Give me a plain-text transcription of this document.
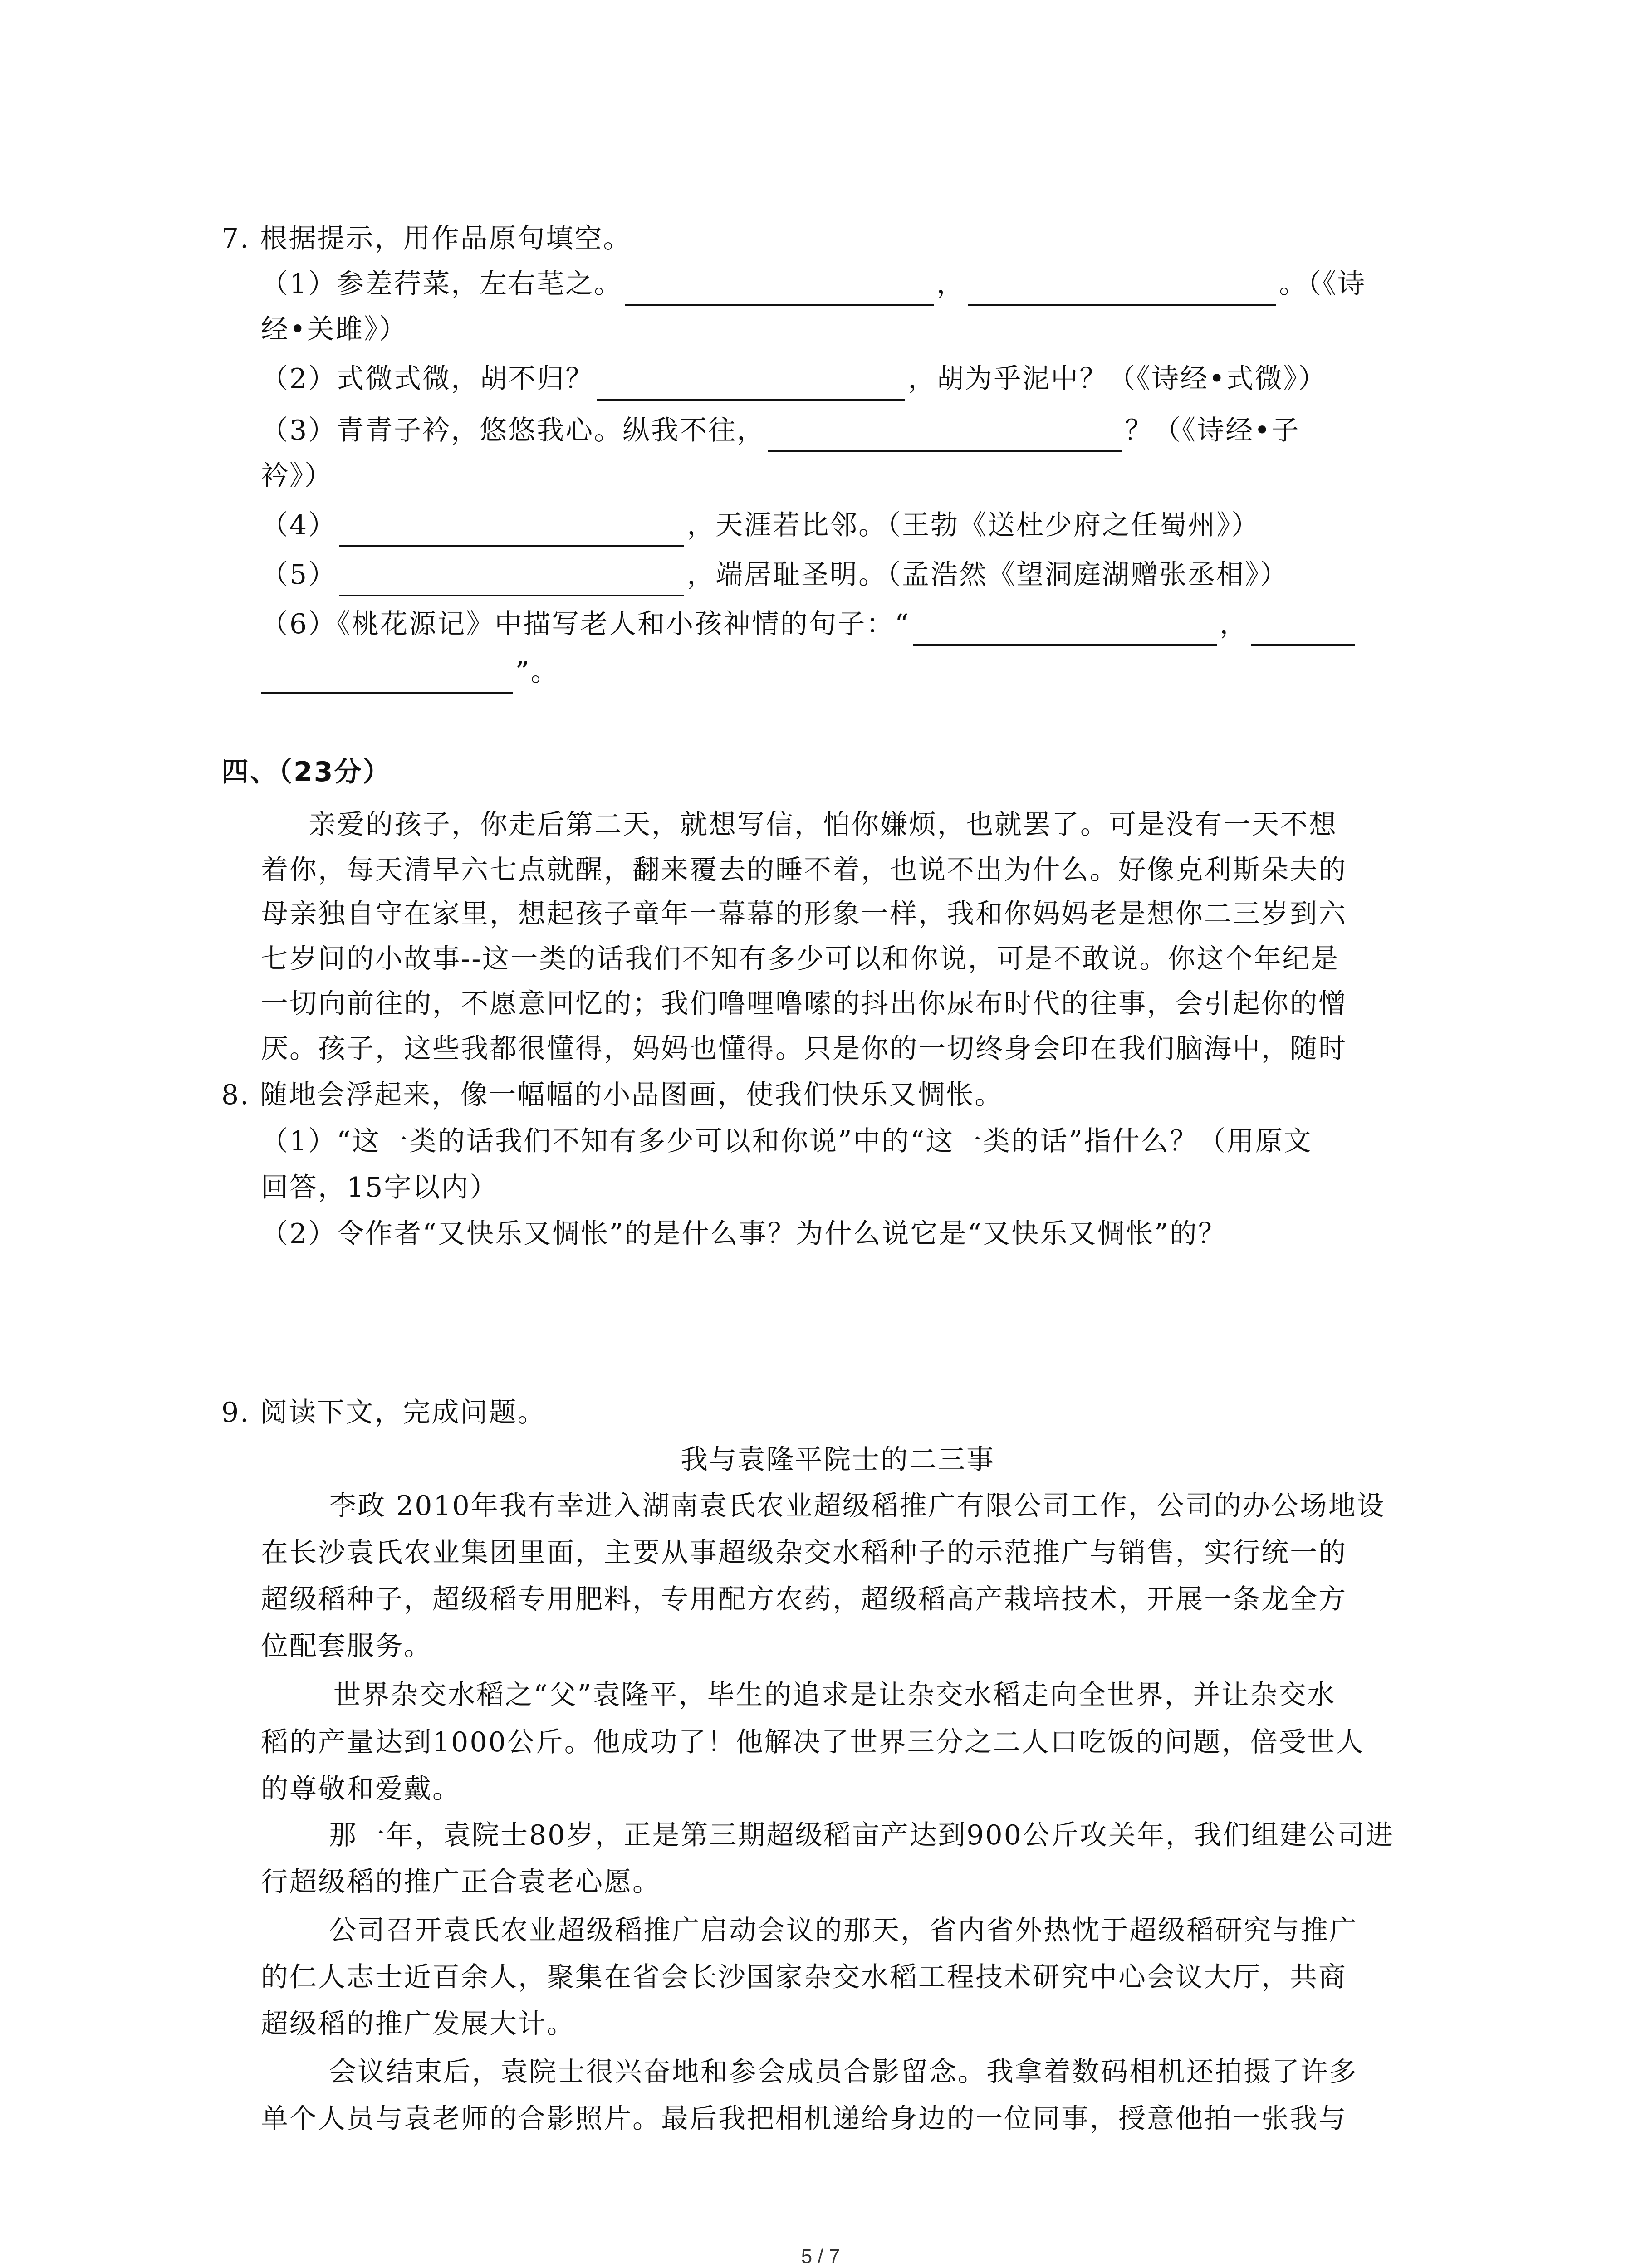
7. 根据提示，用作品原句填空。
（1）参差荇菜，左右芼之。	，	。（《诗
经•关雎》）
（2）式微式微，胡不归？	，胡为乎泥中？（《诗经•式微》）
（3）青青子衿，悠悠我心。纵我不往，	？（《诗经•子
衿》）
（4）	，天涯若比邻。（王勃《送杜少府之任蜀州》）
（5）	，端居耻圣明。（孟浩然《望洞庭湖赠张丞相》）
（6）《桃花源记》中描写老人和小孩神情的句子：“	，
”。
四、（23分）
亲爱的孩子，你走后第二天，就想写信，怕你嫌烦，也就罢了。可是没有一天不想
着你，每天清早六七点就醒，翻来覆去的睡不着，也说不出为什么。好像克利斯朵夫的
母亲独自守在家里，想起孩子童年一幕幕的形象一样，我和你妈妈老是想你二三岁到六
七岁间的小故事--这一类的话我们不知有多少可以和你说，可是不敢说。你这个年纪是
一切向前往的，不愿意回忆的；我们噜哩噜嗦的抖出你尿布时代的往事，会引起你的憎
厌。孩子，这些我都很懂得，妈妈也懂得。只是你的一切终身会印在我们脑海中，随时
8. 随地会浮起来，像一幅幅的小品图画，使我们快乐又惆怅。
（1）“这一类的话我们不知有多少可以和你说”中的“这一类的话”指什么？（用原文
回答，15字以内）
（2）令作者“又快乐又惆怅”的是什么事？为什么说它是“又快乐又惆怅”的？
9. 阅读下文，完成问题。
我与袁隆平院士的二三事
李政 2010年我有幸进入湖南袁氏农业超级稻推广有限公司工作，公司的办公场地设
在长沙袁氏农业集团里面，主要从事超级杂交水稻种子的示范推广与销售，实行统一的
超级稻种子，超级稻专用肥料，专用配方农药，超级稻高产栽培技术，开展一条龙全方
位配套服务。
世界杂交水稻之“父”袁隆平，毕生的追求是让杂交水稻走向全世界，并让杂交水
稻的产量达到1000公斤。他成功了！他解决了世界三分之二人口吃饭的问题，倍受世人
的尊敬和爱戴。
那一年，袁院士80岁，正是第三期超级稻亩产达到900公斤攻关年，我们组建公司进
行超级稻的推广正合袁老心愿。
公司召开袁氏农业超级稻推广启动会议的那天，省内省外热忱于超级稻研究与推广
的仁人志士近百余人，聚集在省会长沙国家杂交水稻工程技术研究中心会议大厅，共商
超级稻的推广发展大计。
会议结束后，袁院士很兴奋地和参会成员合影留念。我拿着数码相机还拍摄了许多
单个人员与袁老师的合影照片。最后我把相机递给身边的一位同事，授意他拍一张我与
5 / 7
